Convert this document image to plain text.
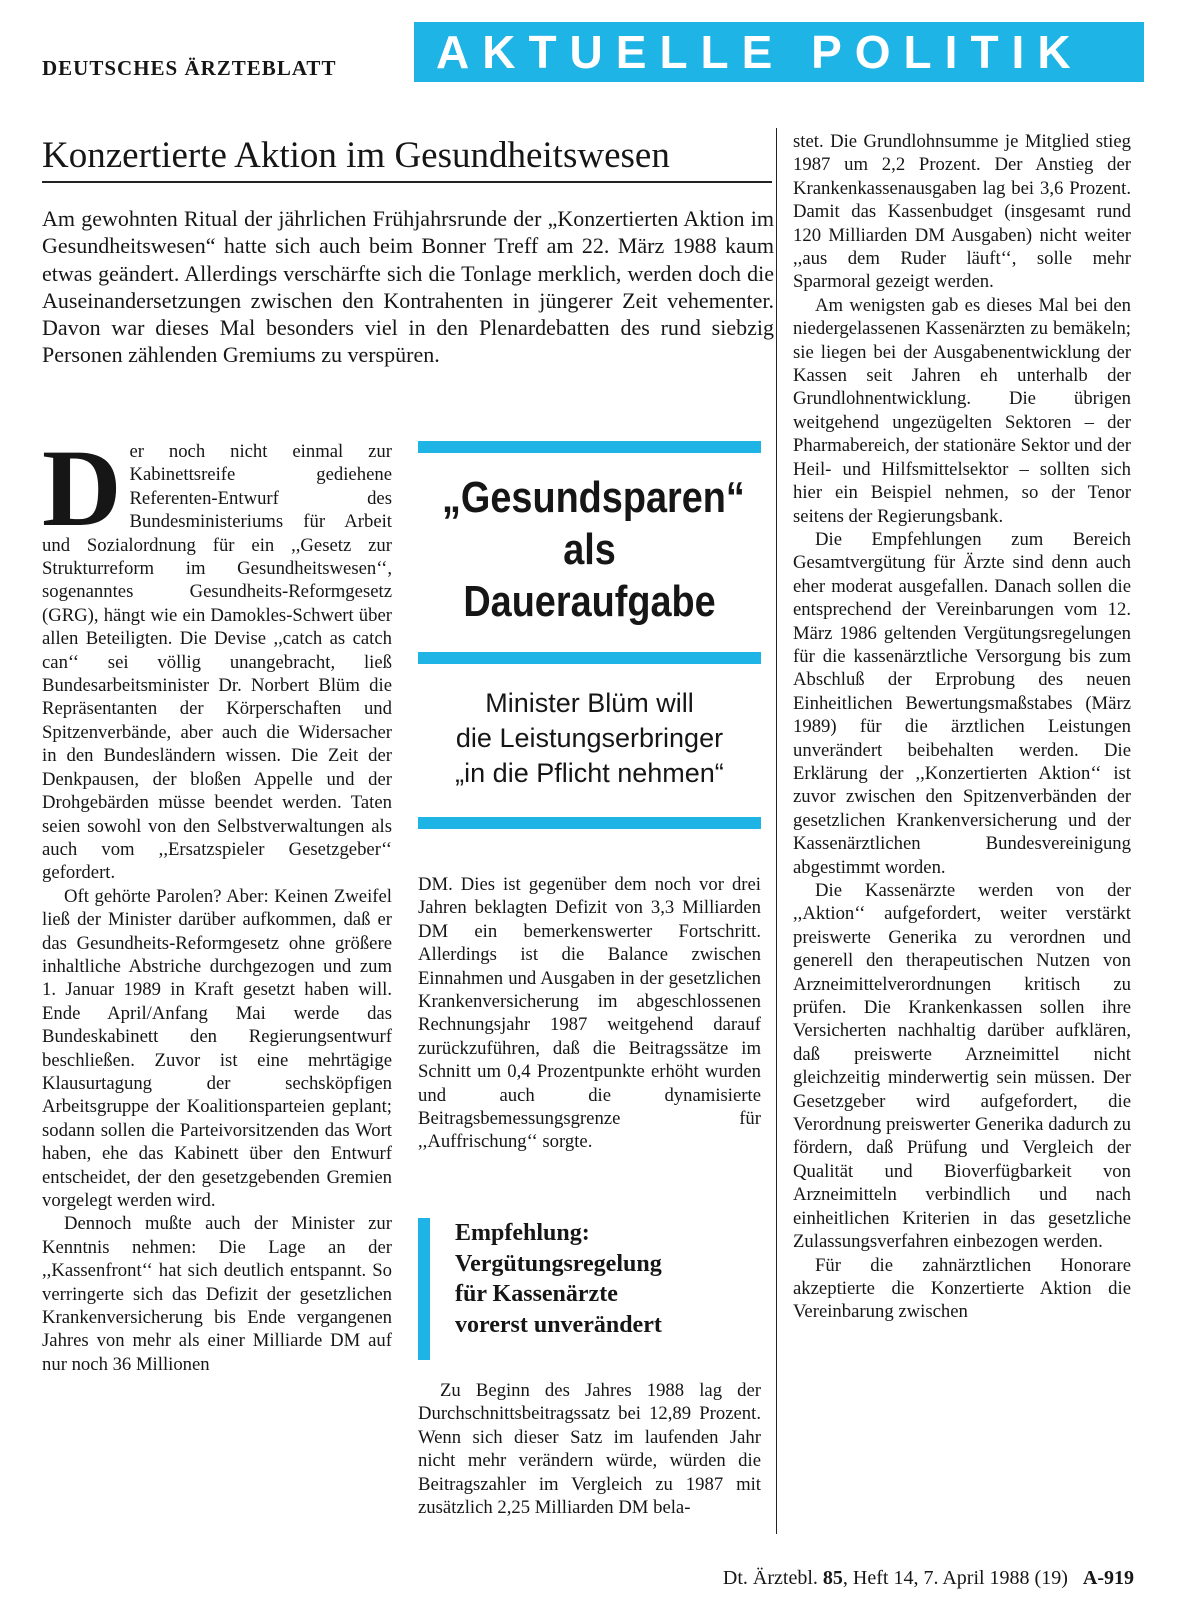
DEUTSCHES ÄRZTEBLATT	AKTUELLE POLITIK
Konzertierte Aktion im Gesundheitswesen

Am gewohnten Ritual der jährlichen Frühjahrsrunde der „Konzertierten Aktion im Gesundheitswesen“ hatte sich auch beim Bonner Treff am 22. März 1988 kaum etwas geändert. Allerdings verschärfte sich die Tonlage merklich, werden doch die Auseinandersetzungen zwischen den Kontrahenten in jüngerer Zeit vehementer. Davon war dieses Mal besonders viel in den Plenardebatten des rund siebzig Personen zählenden Gremiums zu verspüren.

Der noch nicht einmal zur Kabinettsreife gediehene Referenten-Entwurf des Bundesministeriums für Arbeit und Sozialordnung für ein ,,Gesetz zur Strukturreform im Gesundheitswesen‘‘, sogenanntes Gesundheits-Reformgesetz (GRG), hängt wie ein Damokles-Schwert über allen Beteiligten. Die Devise ,,catch as catch can‘‘ sei völlig unangebracht, ließ Bundesarbeitsminister Dr. Norbert Blüm die Repräsentanten der Körperschaften und Spitzenverbände, aber auch die Widersacher in den Bundesländern wissen. Die Zeit der Denkpausen, der bloßen Appelle und der Drohgebärden müsse beendet werden. Taten seien sowohl von den Selbstverwaltungen als auch vom ,,Ersatzspieler Gesetzgeber‘‘ gefordert.

Oft gehörte Parolen? Aber: Keinen Zweifel ließ der Minister darüber aufkommen, daß er das Gesundheits-Reformgesetz ohne größere inhaltliche Abstriche durchgezogen und zum 1. Januar 1989 in Kraft gesetzt haben will. Ende April/Anfang Mai werde das Bundeskabinett den Regierungsentwurf beschließen. Zuvor ist eine mehrtägige Klausurtagung der sechsköpfigen Arbeitsgruppe der Koalitionsparteien geplant; sodann sollen die Parteivorsitzenden das Wort haben, ehe das Kabinett über den Entwurf entscheidet, der den gesetzgebenden Gremien vorgelegt werden wird.

Dennoch mußte auch der Minister zur Kenntnis nehmen: Die Lage an der ,,Kassenfront‘‘ hat sich deutlich entspannt. So verringerte sich das Defizit der gesetzlichen Krankenversicherung bis Ende vergangenen Jahres von mehr als einer Milliarde DM auf nur noch 36 Millionen

„Gesundsparen“
als
Daueraufgabe
Minister Blüm will
die Leistungserbringer
„in die Pflicht nehmen“

DM. Dies ist gegenüber dem noch vor drei Jahren beklagten Defizit von 3,3 Milliarden DM ein bemerkenswerter Fortschritt. Allerdings ist die Balance zwischen Einnahmen und Ausgaben in der gesetzlichen Krankenversicherung im abgeschlossenen Rechnungsjahr 1987 weitgehend darauf zurückzuführen, daß die Beitragssätze im Schnitt um 0,4 Prozentpunkte erhöht wurden und auch die dynamisierte Beitragsbemessungsgrenze für ,,Auffrischung‘‘ sorgte.

Empfehlung:
Vergütungsregelung
für Kassenärzte
vorerst unverändert

Zu Beginn des Jahres 1988 lag der Durchschnittsbeitragssatz bei 12,89 Prozent. Wenn sich dieser Satz im laufenden Jahr nicht mehr verändern würde, würden die Beitragszahler im Vergleich zu 1987 mit zusätzlich 2,25 Milliarden DM bela-

stet. Die Grundlohnsumme je Mitglied stieg 1987 um 2,2 Prozent. Der Anstieg der Krankenkassenausgaben lag bei 3,6 Prozent. Damit das Kassenbudget (insgesamt rund 120 Milliarden DM Ausgaben) nicht weiter ,,aus dem Ruder läuft‘‘, solle mehr Sparmoral gezeigt werden.

Am wenigsten gab es dieses Mal bei den niedergelassenen Kassenärzten zu bemäkeln; sie liegen bei der Ausgabenentwicklung der Kassen seit Jahren eh unterhalb der Grundlohnentwicklung. Die übrigen weitgehend ungezügelten Sektoren – der Pharmabereich, der stationäre Sektor und der Heil- und Hilfsmittelsektor – sollten sich hier ein Beispiel nehmen, so der Tenor seitens der Regierungsbank.

Die Empfehlungen zum Bereich Gesamtvergütung für Ärzte sind denn auch eher moderat ausgefallen. Danach sollen die entsprechend der Vereinbarungen vom 12. März 1986 geltenden Vergütungsregelungen für die kassenärztliche Versorgung bis zum Abschluß der Erprobung des neuen Einheitlichen Bewertungsmaßstabes (März 1989) für die ärztlichen Leistungen unverändert beibehalten werden. Die Erklärung der ,,Konzertierten Aktion‘‘ ist zuvor zwischen den Spitzenverbänden der gesetzlichen Krankenversicherung und der Kassenärztlichen Bundesvereinigung abgestimmt worden.

Die Kassenärzte werden von der ,,Aktion‘‘ aufgefordert, weiter verstärkt preiswerte Generika zu verordnen und generell den therapeutischen Nutzen von Arzneimittelverordnungen kritisch zu prüfen. Die Krankenkassen sollen ihre Versicherten nachhaltig darüber aufklären, daß preiswerte Arzneimittel nicht gleichzeitig minderwertig sein müssen. Der Gesetzgeber wird aufgefordert, die Verordnung preiswerter Generika dadurch zu fördern, daß Prüfung und Vergleich der Qualität und Bioverfügbarkeit von Arzneimitteln verbindlich und nach einheitlichen Kriterien in das gesetzliche Zulassungsverfahren einbezogen werden.

Für die zahnärztlichen Honorare akzeptierte die Konzertierte Aktion die Vereinbarung zwischen

Dt. Ärztebl. 85, Heft 14, 7. April 1988 (19) A-919
